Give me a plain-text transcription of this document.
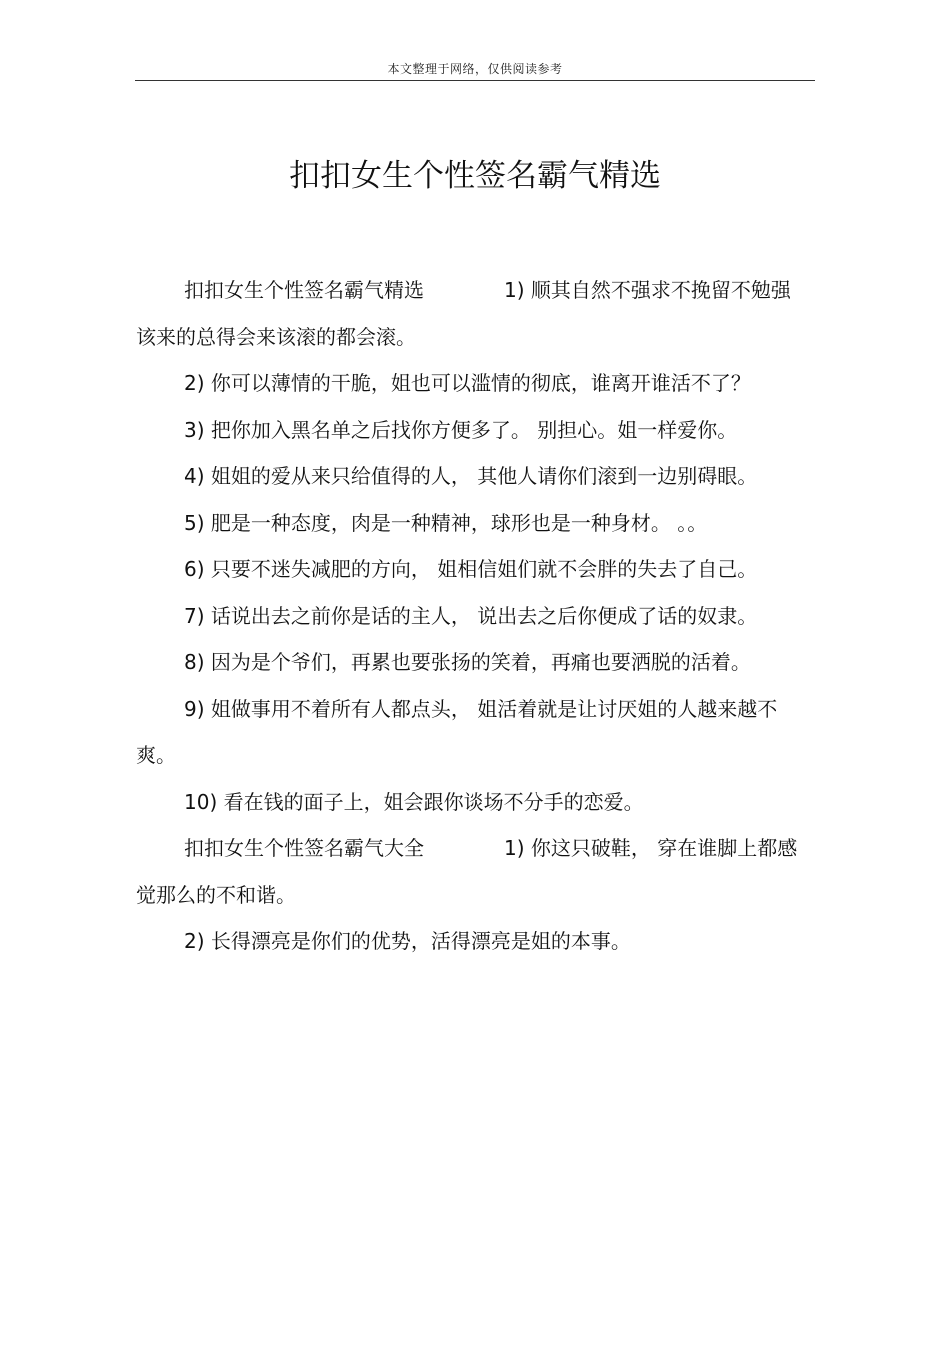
本文整理于网络，仅供阅读参考
扣扣女生个性签名霸气精选

扣扣女生个性签名霸气精选	1) 顺其自然不强求不挽留不勉强该来的总得会来该滚的都会滚。

2) 你可以薄情的干脆，姐也可以滥情的彻底，谁离开谁活不了？

3) 把你加入黑名单之后找你方便多了。 别担心。姐一样爱你。

4) 姐姐的爱从来只给值得的人， 其他人请你们滚到一边别碍眼。

5) 肥是一种态度，肉是一种精神，球形也是一种身材。 。。

6) 只要不迷失减肥的方向， 姐相信姐们就不会胖的失去了自己。

7) 话说出去之前你是话的主人， 说出去之后你便成了话的奴隶。

8) 因为是个爷们，再累也要张扬的笑着，再痛也要洒脱的活着。

9) 姐做事用不着所有人都点头， 姐活着就是让讨厌姐的人越来越不爽。

10) 看在钱的面子上，姐会跟你谈场不分手的恋爱。

扣扣女生个性签名霸气大全	1) 你这只破鞋， 穿在谁脚上都感觉那么的不和谐。

2) 长得漂亮是你们的优势，活得漂亮是姐的本事。
